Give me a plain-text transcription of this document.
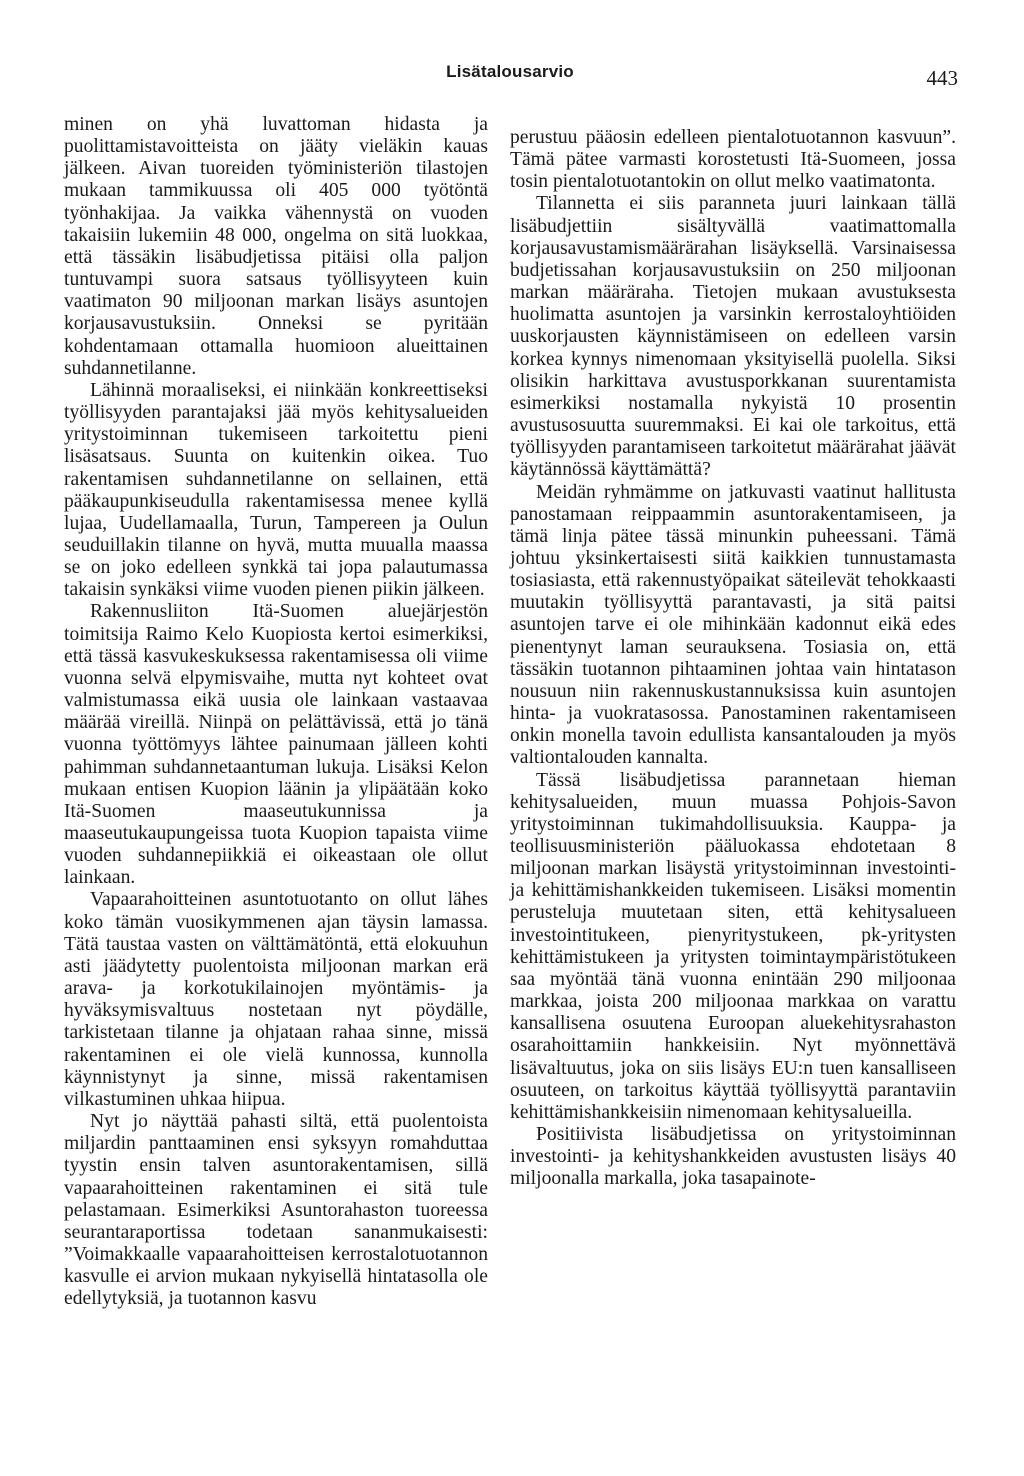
Lisätalousarvio	443

minen on yhä luvattoman hidasta ja puolittamistavoitteista on jääty vieläkin kauas jälkeen. Aivan tuoreiden työministeriön tilastojen mukaan tammikuussa oli 405 000 työtöntä työnhakijaa. Ja vaikka vähennystä on vuoden takaisiin lukemiin 48 000, ongelma on sitä luokkaa, että tässäkin lisäbudjetissa pitäisi olla paljon tuntuvampi suora satsaus työllisyyteen kuin vaatimaton 90 miljoonan markan lisäys asuntojen korjausavustuksiin. Onneksi se pyritään kohdentamaan ottamalla huomioon alueittainen suhdannetilanne.

Lähinnä moraaliseksi, ei niinkään konkreettiseksi työllisyyden parantajaksi jää myös kehitysalueiden yritystoiminnan tukemiseen tarkoitettu pieni lisäsatsaus. Suunta on kuitenkin oikea. Tuo rakentamisen suhdannetilanne on sellainen, että pääkaupunkiseudulla rakentamisessa menee kyllä lujaa, Uudellamaalla, Turun, Tampereen ja Oulun seuduillakin tilanne on hyvä, mutta muualla maassa se on joko edelleen synkkä tai jopa palautumassa takaisin synkäksi viime vuoden pienen piikin jälkeen.

Rakennusliiton Itä-Suomen aluejärjestön toimitsija Raimo Kelo Kuopiosta kertoi esimerkiksi, että tässä kasvukeskuksessa rakentamisessa oli viime vuonna selvä elpymisvaihe, mutta nyt kohteet ovat valmistumassa eikä uusia ole lainkaan vastaavaa määrää vireillä. Niinpä on pelättävissä, että jo tänä vuonna työttömyys lähtee painumaan jälleen kohti pahimman suhdannetaantuman lukuja. Lisäksi Kelon mukaan entisen Kuopion läänin ja ylipäätään koko Itä-Suomen maaseutukunnissa ja maaseutukaupungeissa tuota Kuopion tapaista viime vuoden suhdannepiikkiä ei oikeastaan ole ollut lainkaan.

Vapaarahoitteinen asuntotuotanto on ollut lähes koko tämän vuosikymmenen ajan täysin lamassa. Tätä taustaa vasten on välttämätöntä, että elokuuhun asti jäädytetty puolentoista miljoonan markan erä arava- ja korkotukilainojen myöntämis- ja hyväksymisvaltuus nostetaan nyt pöydälle, tarkistetaan tilanne ja ohjataan rahaa sinne, missä rakentaminen ei ole vielä kunnossa, kunnolla käynnistynyt ja sinne, missä rakentamisen vilkastuminen uhkaa hiipua.

Nyt jo näyttää pahasti siltä, että puolentoista miljardin panttaaminen ensi syksyyn romahduttaa tyystin ensin talven asuntorakentamisen, sillä vapaarahoitteinen rakentaminen ei sitä tule pelastamaan. Esimerkiksi Asuntorahaston tuoreessa seurantaraportissa todetaan sananmukaisesti: ”Voimakkaalle vapaarahoitteisen kerrostalotuotannon kasvulle ei arvion mukaan nykyisellä hintatasolla ole edellytyksiä, ja tuotannon kasvu

perustuu pääosin edelleen pientalotuotannon kasvuun”. Tämä pätee varmasti korostetusti Itä-Suomeen, jossa tosin pientalotuotantokin on ollut melko vaatimatonta.

Tilannetta ei siis paranneta juuri lainkaan tällä lisäbudjettiin sisältyvällä vaatimattomalla korjausavustamismäärärahan lisäyksellä. Varsinaisessa budjetissahan korjausavustuksiin on 250 miljoonan markan määräraha. Tietojen mukaan avustuksesta huolimatta asuntojen ja varsinkin kerrostaloyhtiöiden uuskorjausten käynnistämiseen on edelleen varsin korkea kynnys nimenomaan yksityisellä puolella. Siksi olisikin harkittava avustusporkkanan suurentamista esimerkiksi nostamalla nykyistä 10 prosentin avustusosuutta suuremmaksi. Ei kai ole tarkoitus, että työllisyyden parantamiseen tarkoitetut määrärahat jäävät käytännössä käyttämättä?

Meidän ryhmämme on jatkuvasti vaatinut hallitusta panostamaan reippaammin asuntorakentamiseen, ja tämä linja pätee tässä minunkin puheessani. Tämä johtuu yksinkertaisesti siitä kaikkien tunnustamasta tosiasiasta, että rakennustyöpaikat säteilevät tehokkaasti muutakin työllisyyttä parantavasti, ja sitä paitsi asuntojen tarve ei ole mihinkään kadonnut eikä edes pienentynyt laman seurauksena. Tosiasia on, että tässäkin tuotannon pihtaaminen johtaa vain hintatason nousuun niin rakennuskustannuksissa kuin asuntojen hinta- ja vuokratasossa. Panostaminen rakentamiseen onkin monella tavoin edullista kansantalouden ja myös valtiontalouden kannalta.

Tässä lisäbudjetissa parannetaan hieman kehitysalueiden, muun muassa Pohjois-Savon yritystoiminnan tukimahdollisuuksia. Kauppa- ja teollisuusministeriön pääluokassa ehdotetaan 8 miljoonan markan lisäystä yritystoiminnan investointi- ja kehittämishankkeiden tukemiseen. Lisäksi momentin perusteluja muutetaan siten, että kehitysalueen investointitukeen, pienyritystukeen, pk-yritysten kehittämistukeen ja yritysten toimintaympäristötukeen saa myöntää tänä vuonna enintään 290 miljoonaa markkaa, joista 200 miljoonaa markkaa on varattu kansallisena osuutena Euroopan aluekehitysrahaston osarahoittamiin hankkeisiin. Nyt myönnettävä lisävaltuutus, joka on siis lisäys EU:n tuen kansalliseen osuuteen, on tarkoitus käyttää työllisyyttä parantaviin kehittämishankkeisiin nimenomaan kehitysalueilla.

Positiivista lisäbudjetissa on yritystoiminnan investointi- ja kehityshankkeiden avustusten lisäys 40 miljoonalla markalla, joka tasapainote-
